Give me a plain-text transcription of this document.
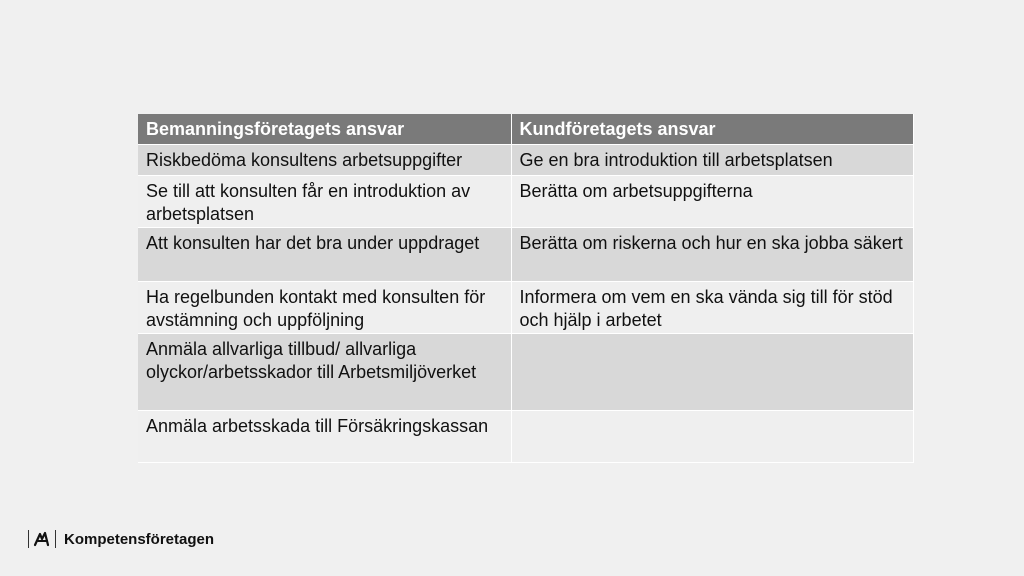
Bemanningsföretagets ansvar	Kundföretagets ansvar
Riskbedöma konsultens arbetsuppgifter	Ge en bra introduktion till arbetsplatsen
Se till att konsulten får en introduktion av arbetsplatsen	Berätta om arbetsuppgifterna
Att konsulten har det bra under uppdraget	Berätta om riskerna och hur en ska jobba säkert
Ha regelbunden kontakt med konsulten för avstämning och uppföljning	Informera om vem en ska vända sig till för stöd och hjälp i arbetet
Anmäla allvarliga tillbud/ allvarliga olyckor/arbetsskador till Arbetsmiljöverket	
Anmäla arbetsskada till Försäkringskassan	
Kompetensföretagen
